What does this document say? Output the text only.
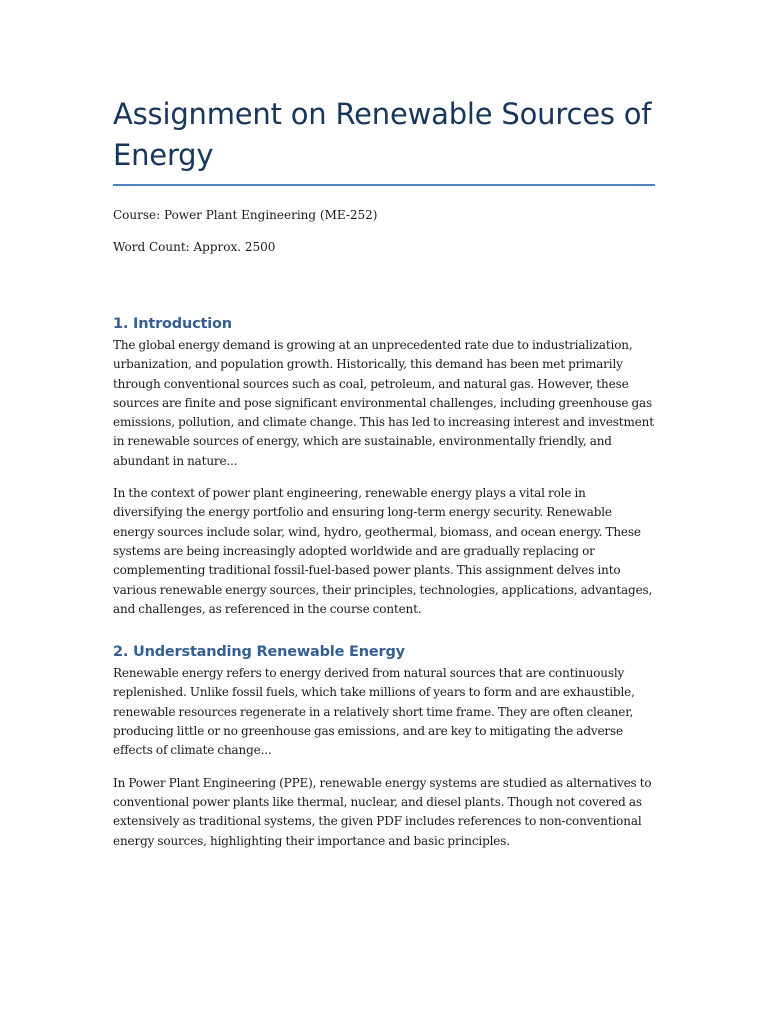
Assignment on Renewable Sources of Energy

Course: Power Plant Engineering (ME-252)

Word Count: Approx. 2500

1. Introduction

The global energy demand is growing at an unprecedented rate due to industrialization, urbanization, and population growth. Historically, this demand has been met primarily through conventional sources such as coal, petroleum, and natural gas. However, these sources are finite and pose significant environmental challenges, including greenhouse gas emissions, pollution, and climate change. This has led to increasing interest and investment in renewable sources of energy, which are sustainable, environmentally friendly, and abundant in nature...

In the context of power plant engineering, renewable energy plays a vital role in diversifying the energy portfolio and ensuring long-term energy security. Renewable energy sources include solar, wind, hydro, geothermal, biomass, and ocean energy. These systems are being increasingly adopted worldwide and are gradually replacing or complementing traditional fossil-fuel-based power plants. This assignment delves into various renewable energy sources, their principles, technologies, applications, advantages, and challenges, as referenced in the course content.

2. Understanding Renewable Energy

Renewable energy refers to energy derived from natural sources that are continuously replenished. Unlike fossil fuels, which take millions of years to form and are exhaustible, renewable resources regenerate in a relatively short time frame. They are often cleaner, producing little or no greenhouse gas emissions, and are key to mitigating the adverse effects of climate change...

In Power Plant Engineering (PPE), renewable energy systems are studied as alternatives to conventional power plants like thermal, nuclear, and diesel plants. Though not covered as extensively as traditional systems, the given PDF includes references to non-conventional energy sources, highlighting their importance and basic principles.
